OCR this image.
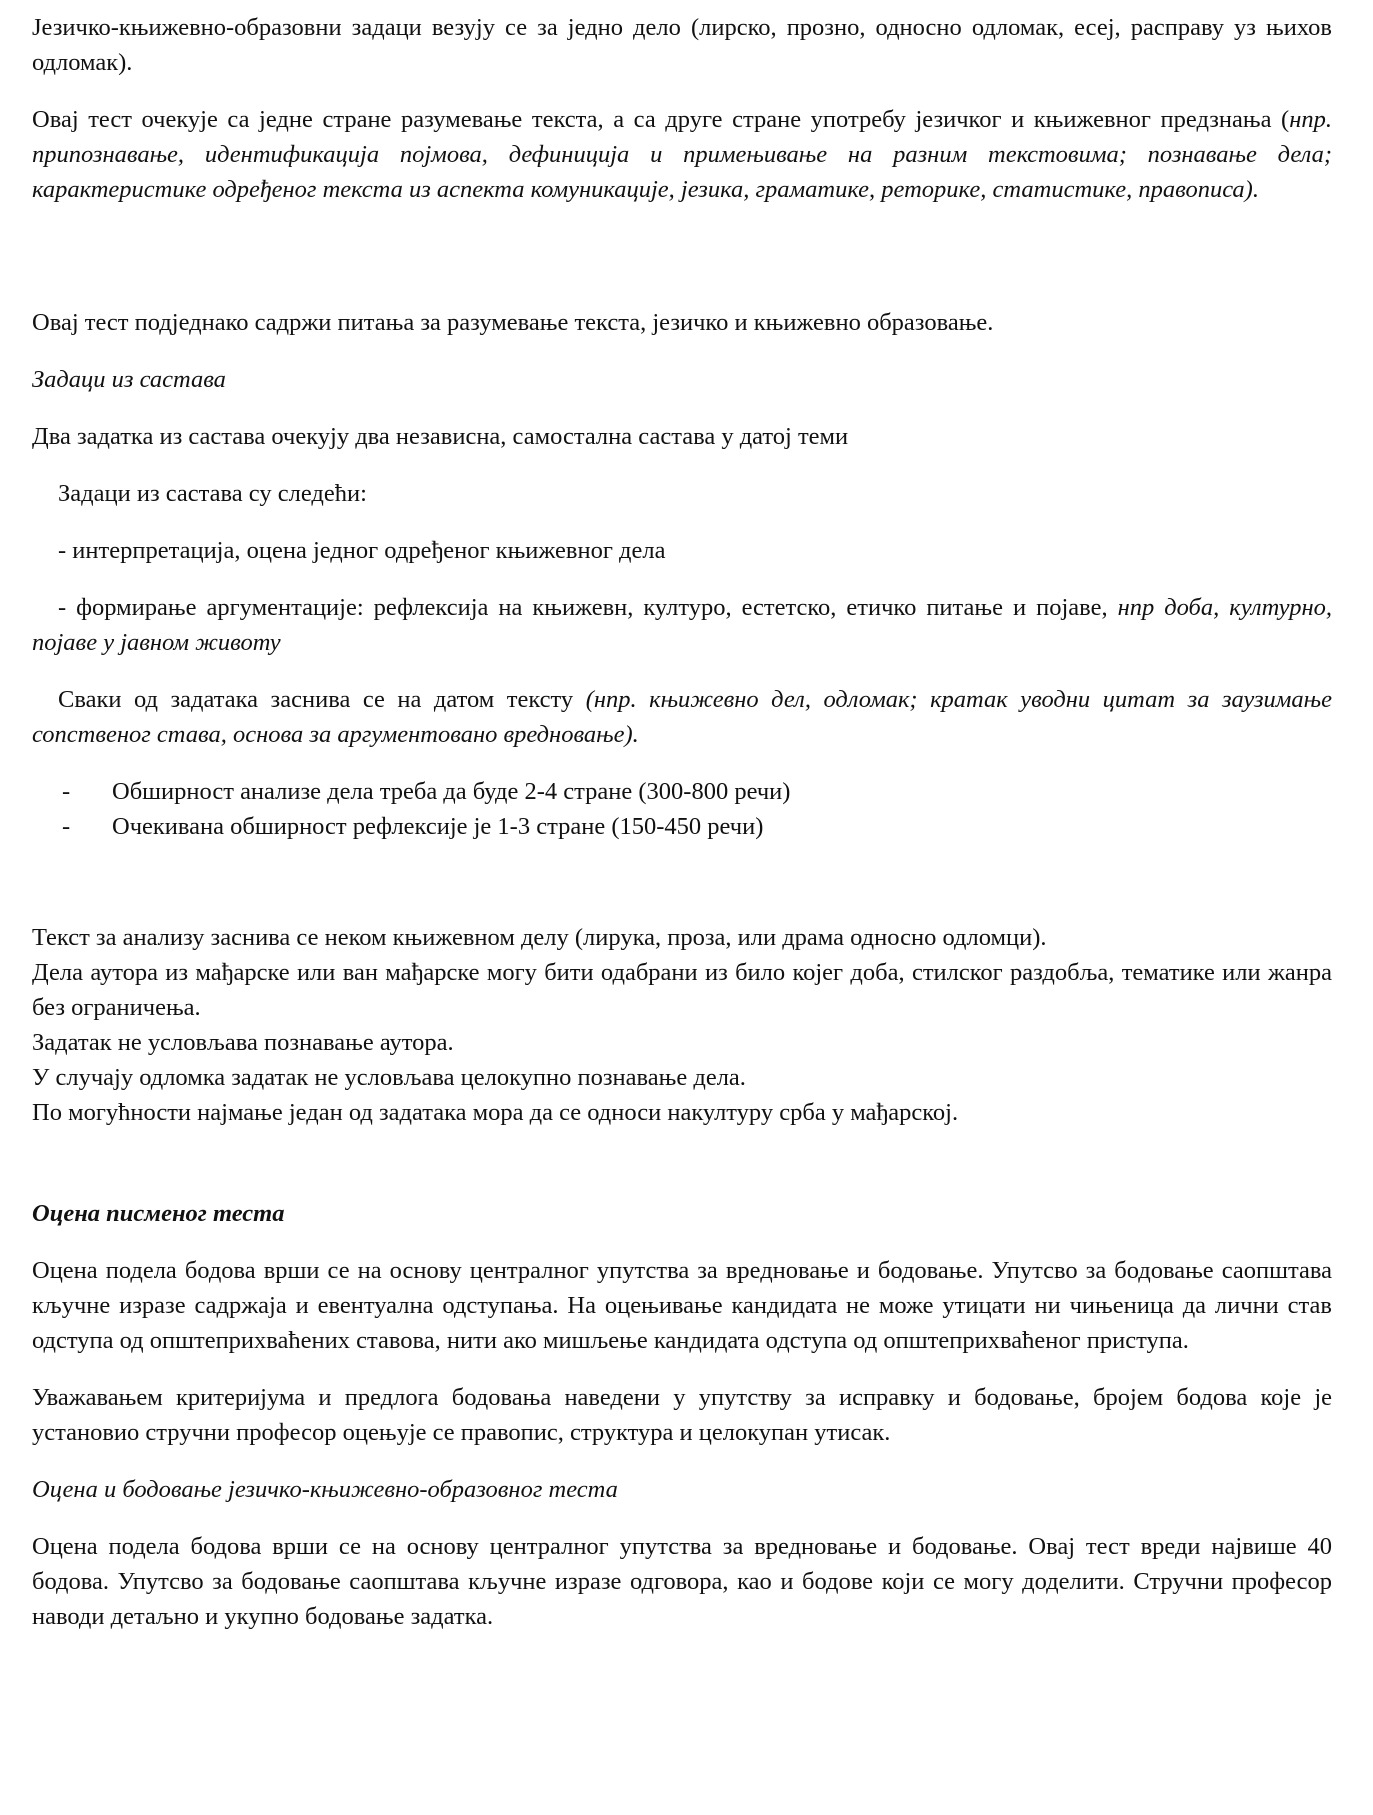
Језичко-књижевно-образовни задаци везују се за једно дело (лирско, прозно, односно одломак, есеј, расправу уз њихов одломак).

Овај тест очекује са једне стране разумевање текста, а са друге стране употребу језичког и књижевног предзнања (нпр. припознавање, идентификација појмова, дефиниција и примењивање на разним текстовима; познавање дела; карактеристике одређеног текста из аспекта комуникације, језика, граматике, реторике, статистике, правописа).

Овај тест подједнако садржи питања за разумевање текста, језичко и књижевно образовање.

Задаци из састава

Два задатка из састава очекују два независна, самостална састава у датој теми

Задаци из састава су следећи:

- интерпретација, оцена једног одређеног књижевног дела

- формирање аргументације: рефлексија на књижевн, културо, естетско, етичко питање и појаве, нпр доба, културно, појаве у јавном животу

Сваки од задатака заснива се на датом тексту (нпр. књижевно дел, одломак; кратак уводни цитат за заузимање сопственог става, основа за аргументовано вредновање).

- Обширност анализе дела треба да буде 2-4 стране (300-800 речи)
- Очекивана обширност рефлексије је 1-3 стране (150-450 речи)

Текст за анализу заснива се неком књижевном делу (лирука, проза, или драма односно одломци).

Дела аутора из мађарске или ван мађарске могу бити одабрани из било којег доба, стилског раздобља, тематике или жанра без ограничења.

Задатак не условљава познавање аутора.

У случају одломка задатак не условљава целокупно познавање дела.

По могућности најмање један од задатака мора да се односи накултуру срба у мађарској.

Оцена писменог теста

Оцена подела бодова врши се на основу централног упутства за вредновање и бодовање. Упутсво за бодовање саопштава кључне изразе садржаја и евентуална одступања. На оцењивање кандидата не може утицати ни чињеница да лични став одступа од општеприхваћених ставова, нити ако мишљење кандидата одступа од општеприхваћеног приступа.

Уважавањем критеријума и предлога бодовања наведени у упутству за исправку и бодовање, бројем бодова које је установио стручни професор оцењује се правопис, структура и целокупан утисак.

Оцена и бодовање језичко-књижевно-образовног теста

Оцена подела бодова врши се на основу централног упутства за вредновање и бодовање. Овај тест вреди највише 40 бодова. Упутсво за бодовање саопштава кључне изразе одговора, као и бодове који се могу доделити. Стручни професор наводи детаљно и укупно бодовање задатка.
